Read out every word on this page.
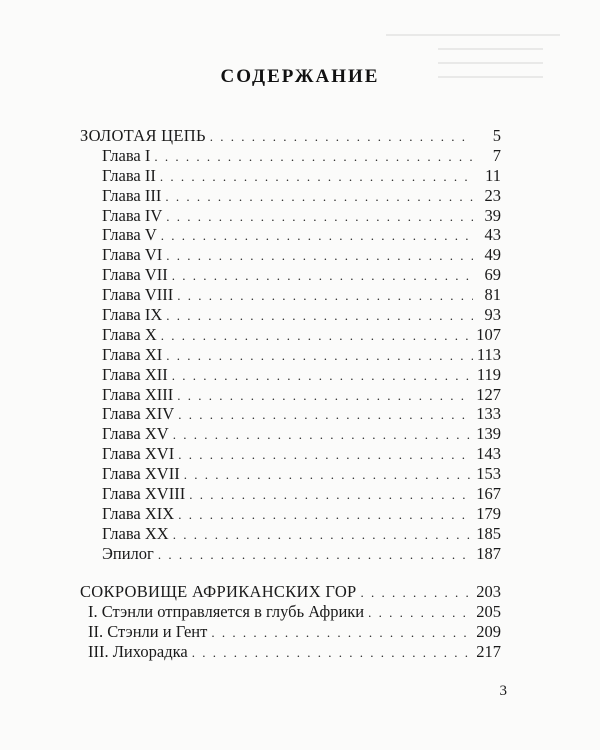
СОДЕРЖАНИЕ
ЗОЛОТАЯ ЦЕПЬ . . .	5
Глава I . . .	7
Глава II . . .	11
Глава III . . .	23
Глава IV . . .	39
Глава V . . .	43
Глава VI . . .	49
Глава VII . . .	69
Глава VIII . . .	81
Глава IX . . .	93
Глава X . . .	107
Глава XI . . .	113
Глава XII . . .	119
Глава XIII . . .	127
Глава XIV . . .	133
Глава XV . . .	139
Глава XVI . . .	143
Глава XVII . . .	153
Глава XVIII . . .	167
Глава XIX . . .	179
Глава XX . . .	185
Эпилог . . .	187
СОКРОВИЩЕ АФРИКАНСКИХ ГОР . . .	203
I. Стэнли отправляется в глубь Африки . . .	205
II. Стэнли и Гент . . .	209
III. Лихорадка . . .	217
3
